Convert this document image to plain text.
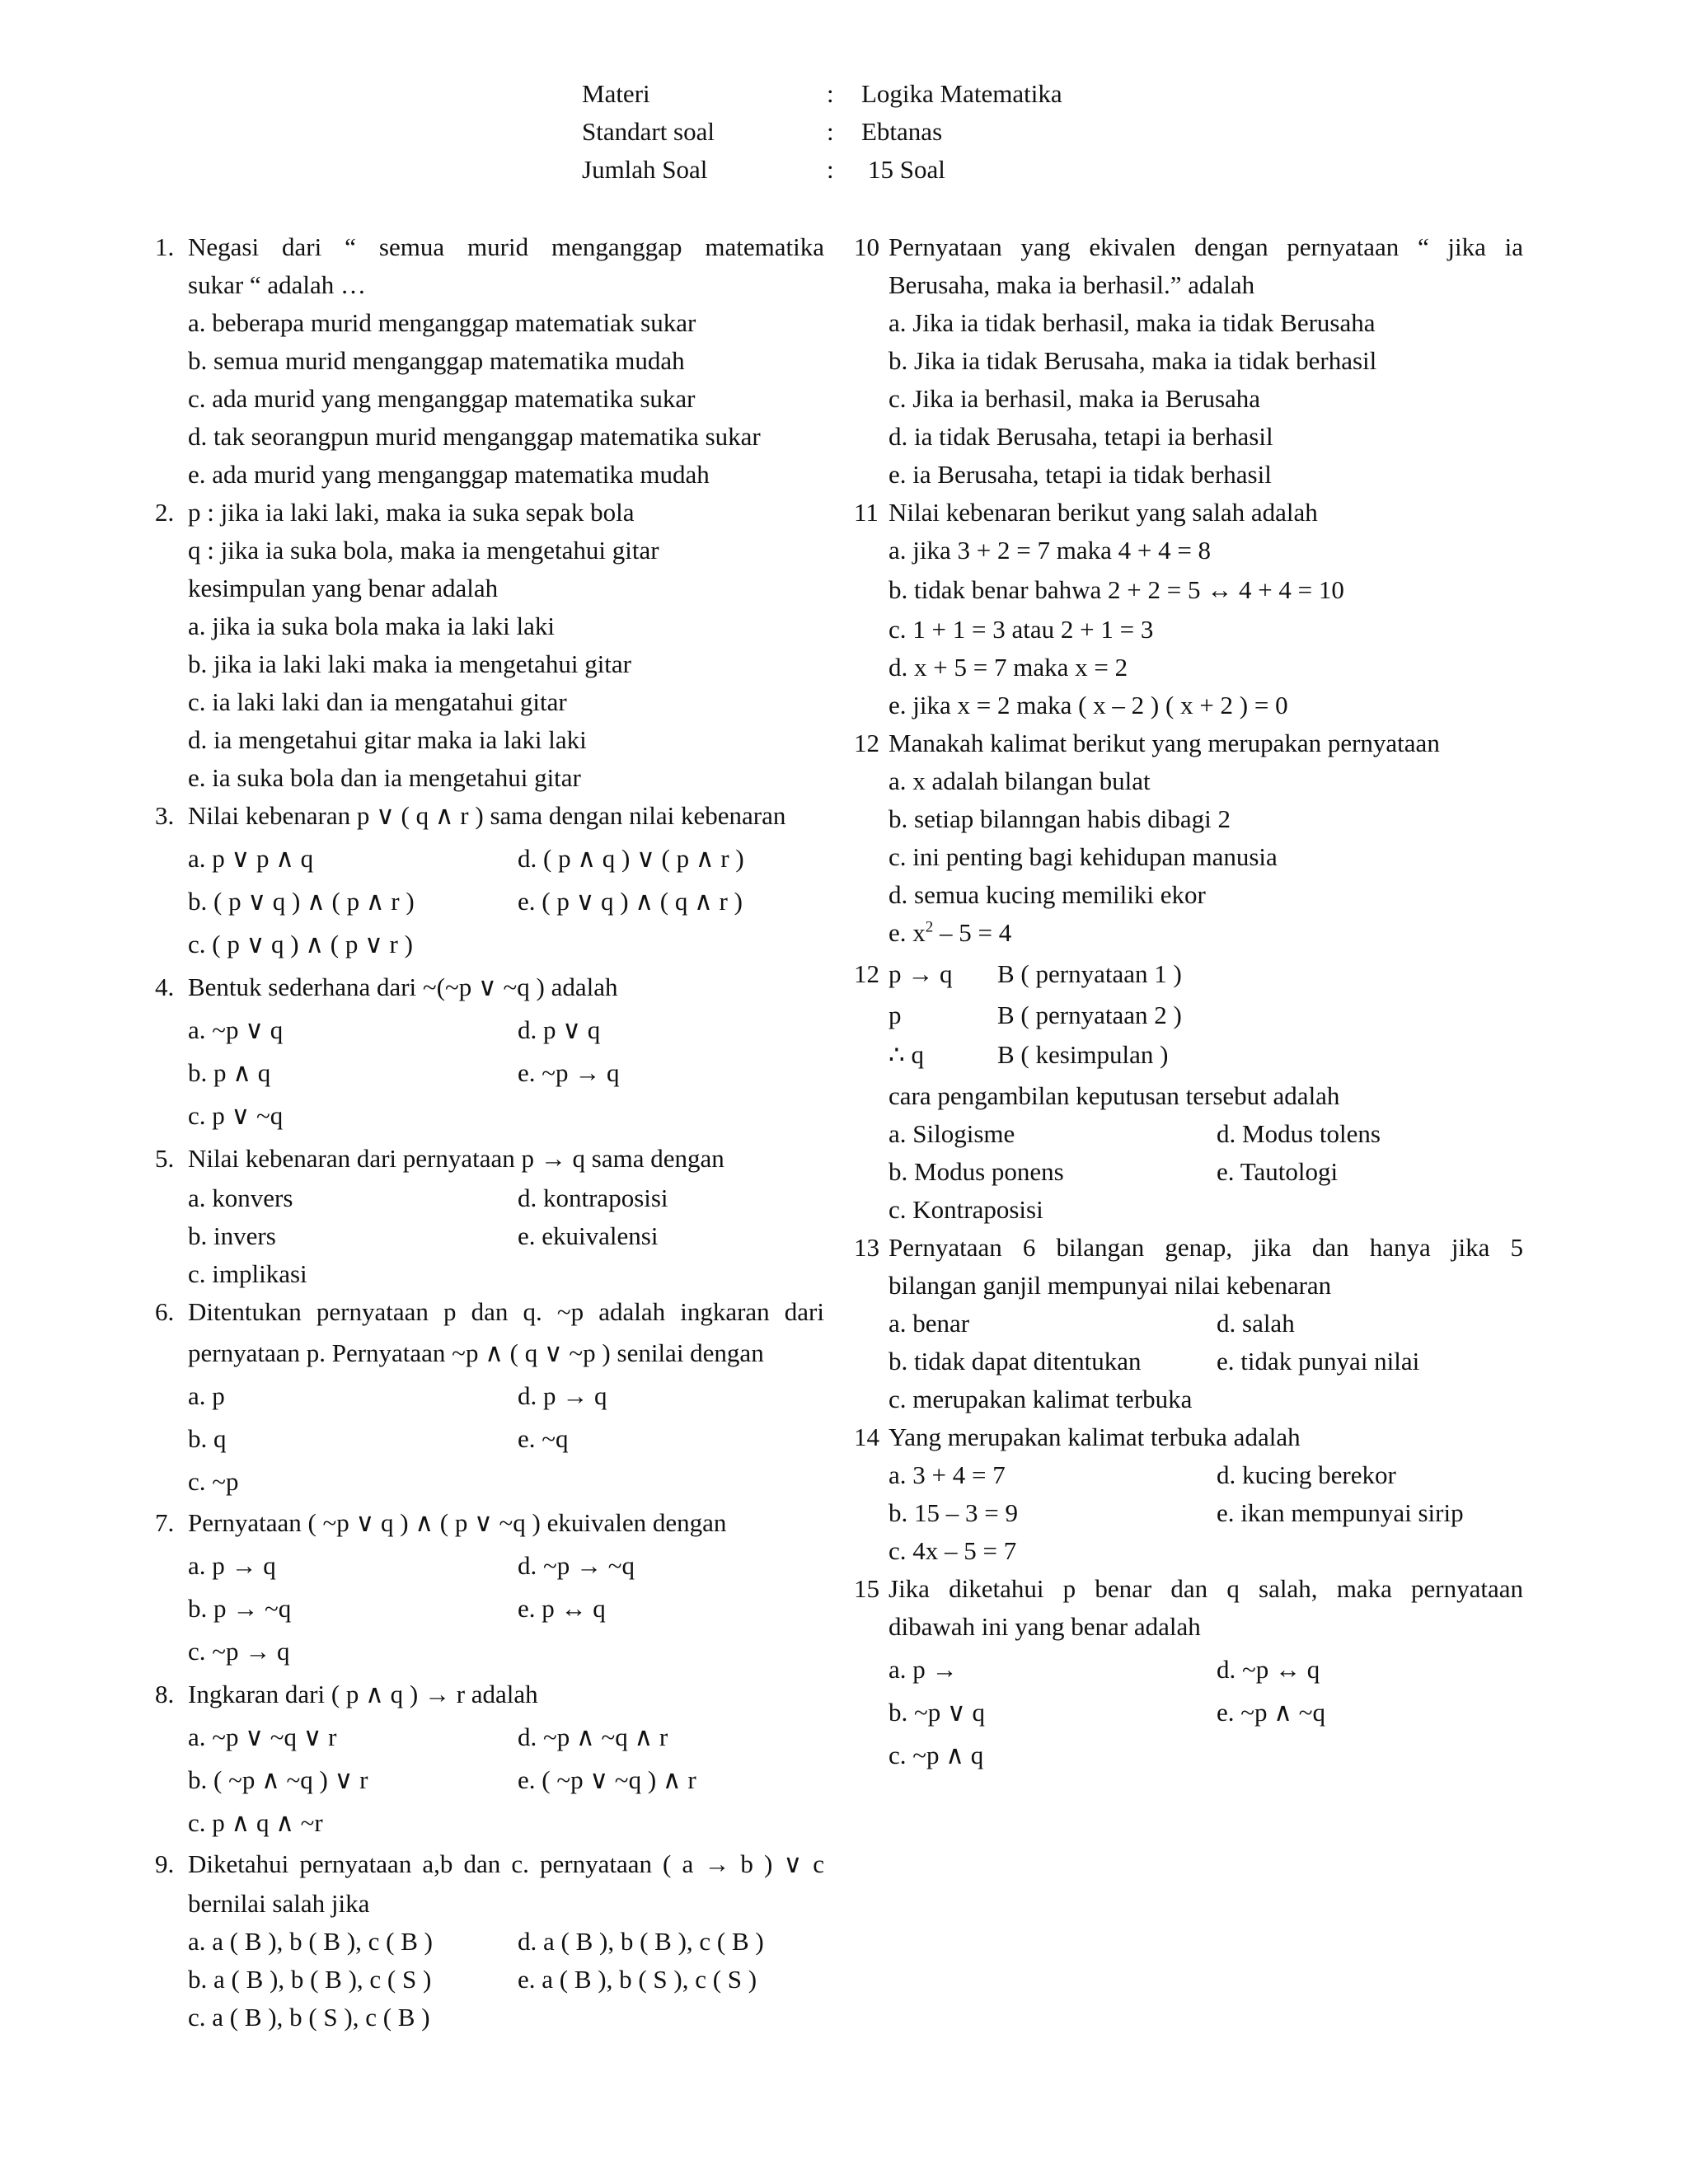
Materi	: Logika Matematika
Standart soal	: Ebtanas
Jumlah Soal	: 15 Soal
1. Negasi dari “ semua murid menganggap matematika
sukar “ adalah …
a. beberapa murid menganggap matematiak sukar
b. semua murid menganggap matematika mudah
c. ada murid yang menganggap matematika sukar
d. tak seorangpun murid menganggap matematika sukar
e. ada murid yang menganggap matematika mudah
2. p : jika ia laki laki, maka ia suka sepak bola
q : jika ia suka bola, maka ia mengetahui gitar
kesimpulan yang benar adalah
a. jika ia suka bola maka ia laki laki
b. jika ia laki laki maka ia mengetahui gitar
c. ia laki laki dan ia mengatahui gitar
d. ia mengetahui gitar maka ia laki laki
e. ia suka bola dan ia mengetahui gitar
3. Nilai kebenaran p ∨ ( q ∧ r ) sama dengan nilai kebenaran
a. p ∨ p ∧ q	d. ( p ∧ q ) ∨ ( p ∧ r )
b. ( p ∨ q ) ∧ ( p ∧ r )	e. ( p ∨ q ) ∧ ( q ∧ r )
c. ( p ∨ q ) ∧ ( p ∨ r )
4. Bentuk sederhana dari ~(~p ∨ ~q ) adalah
a. ~p ∨ q	d. p ∨ q
b. p ∧ q	e. ~p → q
c. p ∨ ~q
5. Nilai kebenaran dari pernyataan p → q sama dengan
a. konvers	d. kontraposisi
b. invers	e. ekuivalensi
c. implikasi
6. Ditentukan pernyataan p dan q. ~p adalah ingkaran dari
pernyataan p. Pernyataan ~p ∧ ( q ∨ ~p ) senilai dengan
a. p	d. p → q
b. q	e. ~q
c. ~p
7. Pernyataan ( ~p ∨ q ) ∧ ( p ∨ ~q ) ekuivalen dengan
a. p → q	d. ~p → ~q
b. p → ~q	e. p ↔ q
c. ~p → q
8. Ingkaran dari ( p ∧ q ) → r adalah
a. ~p ∨ ~q ∨ r	d. ~p ∧ ~q ∧ r
b. ( ~p ∧ ~q ) ∨ r	e. ( ~p ∨ ~q ) ∧ r
c. p ∧ q ∧ ~r
9. Diketahui pernyataan a,b dan c. pernyataan ( a → b ) ∨ c
bernilai salah jika
a. a ( B ), b ( B ), c ( B )	d. a ( B ), b ( B ), c ( B )
b. a ( B ), b ( B ), c ( S )	e. a ( B ), b ( S ), c ( S )
c. a ( B ), b ( S ), c ( B )
10 Pernyataan yang ekivalen dengan pernyataan “ jika ia
Berusaha, maka ia berhasil.” adalah
a. Jika ia tidak berhasil, maka ia tidak Berusaha
b. Jika ia tidak Berusaha, maka ia tidak berhasil
c. Jika ia berhasil, maka ia Berusaha
d. ia tidak Berusaha, tetapi ia berhasil
e. ia Berusaha, tetapi ia tidak berhasil
11 Nilai kebenaran berikut yang salah adalah
a. jika 3 + 2 = 7 maka 4 + 4 = 8
b. tidak benar bahwa 2 + 2 = 5 ↔ 4 + 4 = 10
c. 1 + 1 = 3 atau 2 + 1 = 3
d. x + 5 = 7 maka x = 2
e. jika x = 2 maka ( x – 2 ) ( x + 2 ) = 0
12 Manakah kalimat berikut yang merupakan pernyataan
a. x adalah bilangan bulat
b. setiap bilanngan habis dibagi 2
c. ini penting bagi kehidupan manusia
d. semua kucing memiliki ekor
e. $x^2 - 5 = 4$
12 p → q B ( pernyataan 1 )
p	B ( pernyataan 2 )
∴ q	B ( kesimpulan )
cara pengambilan keputusan tersebut adalah
a. Silogisme	d. Modus tolens
b. Modus ponens	e. Tautologi
c. Kontraposisi
13 Pernyataan 6 bilangan genap, jika dan hanya jika 5
bilangan ganjil mempunyai nilai kebenaran
a. benar	d. salah
b. tidak dapat ditentukan	e. tidak punyai nilai
c. merupakan kalimat terbuka
14 Yang merupakan kalimat terbuka adalah
a. 3 + 4 = 7	d. kucing berekor
b. 15 – 3 = 9	e. ikan mempunyai sirip
c. 4x – 5 = 7
15 Jika diketahui p benar dan q salah, maka pernyataan
dibawah ini yang benar adalah
a. p →	d. ~p ↔ q
b. ~p ∨ q	e. ~p ∧ ~q
c. ~p ∧ q
